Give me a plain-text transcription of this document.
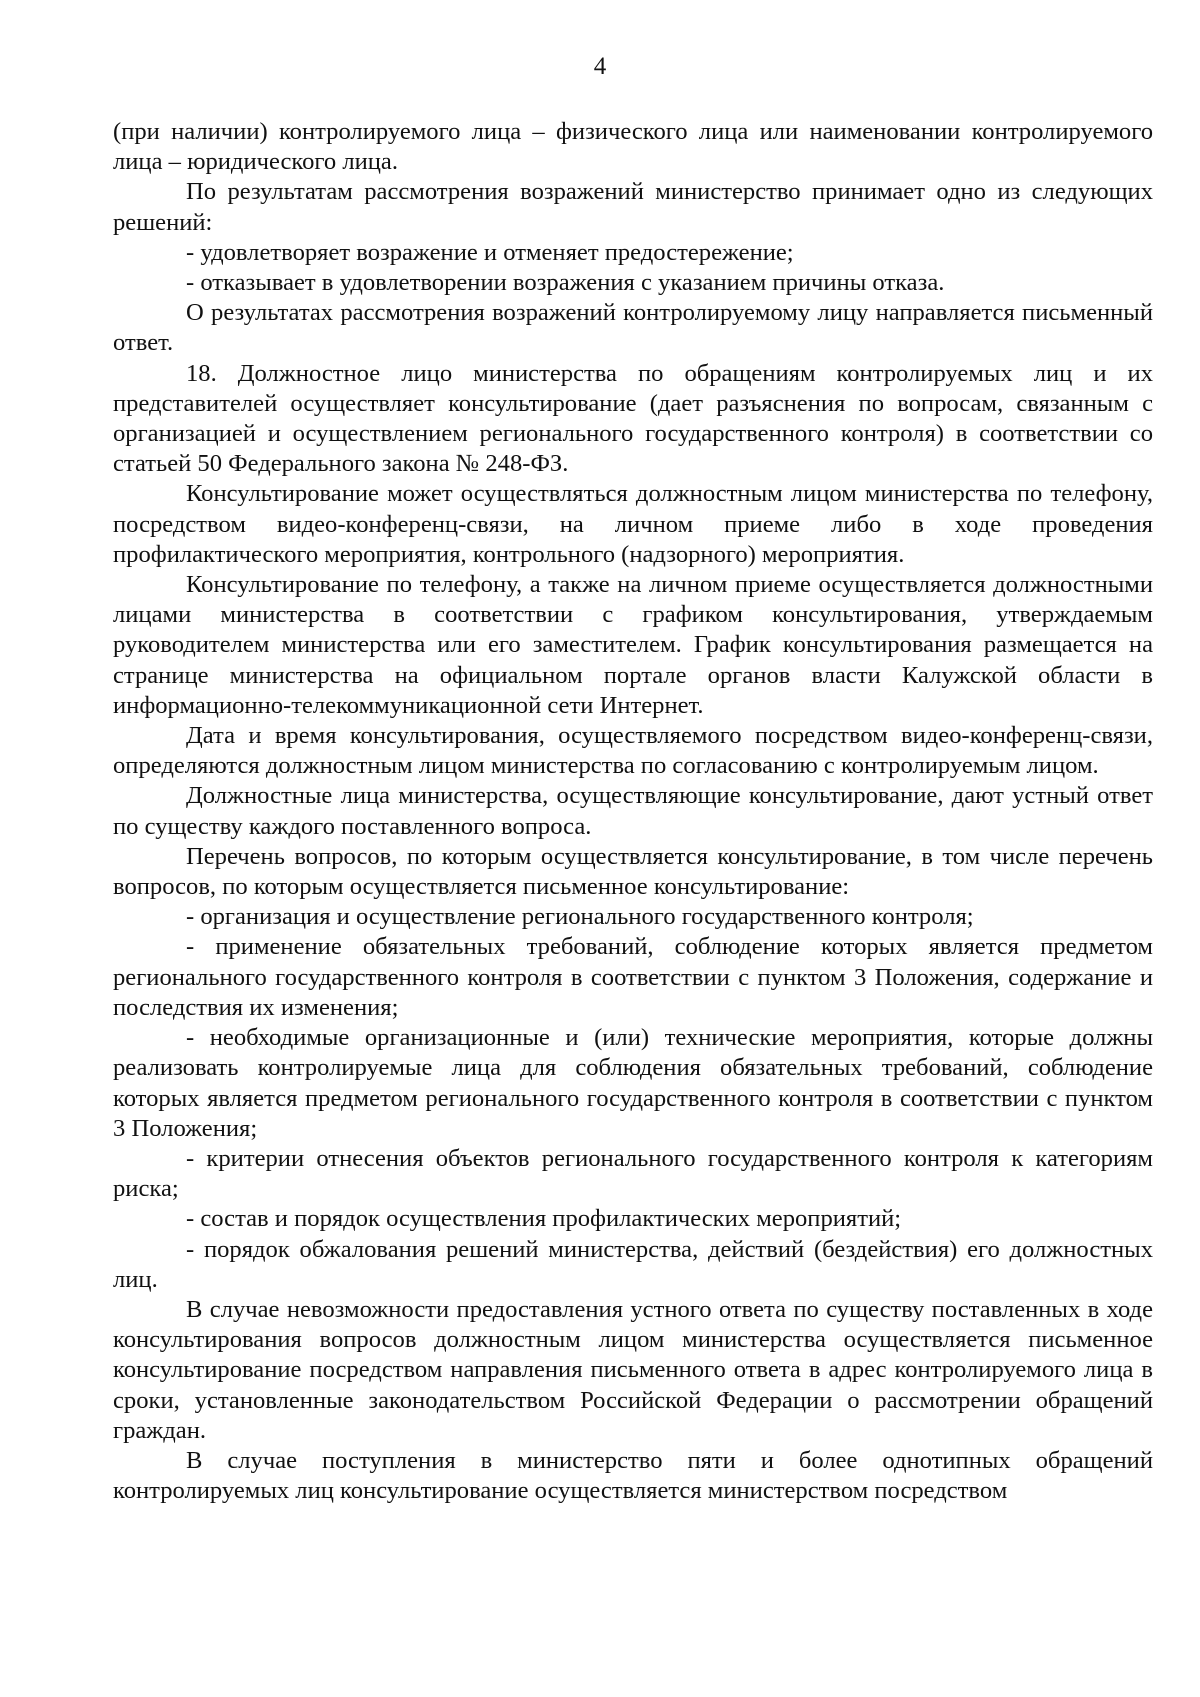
4

(при наличии) контролируемого лица – физического лица или наименовании контролируемого лица – юридического лица.

По результатам рассмотрения возражений министерство принимает одно из следующих решений:

- удовлетворяет возражение и отменяет предостережение;

- отказывает в удовлетворении возражения с указанием причины отказа.

О результатах рассмотрения возражений контролируемому лицу направляется письменный ответ.

18. Должностное лицо министерства по обращениям контролируемых лиц и их представителей осуществляет консультирование (дает разъяснения по вопросам, связанным с организацией и осуществлением регионального государственного контроля) в соответствии со статьей 50 Федерального закона № 248-ФЗ.

Консультирование может осуществляться должностным лицом министерства по телефону, посредством видео-конференц-связи, на личном приеме либо в ходе проведения профилактического мероприятия, контрольного (надзорного) мероприятия.

Консультирование по телефону, а также на личном приеме осуществляется должностными лицами министерства в соответствии с графиком консультирования, утверждаемым руководителем министерства или его заместителем. График консультирования размещается на странице министерства на официальном портале органов власти Калужской области в информационно-телекоммуникационной сети Интернет.

Дата и время консультирования, осуществляемого посредством видео-конференц-связи, определяются должностным лицом министерства по согласованию с контролируемым лицом.

Должностные лица министерства, осуществляющие консультирование, дают устный ответ по существу каждого поставленного вопроса.

Перечень вопросов, по которым осуществляется консультирование, в том числе перечень вопросов, по которым осуществляется письменное консультирование:

- организация и осуществление регионального государственного контроля;

- применение обязательных требований, соблюдение которых является предметом регионального государственного контроля в соответствии с пунктом 3 Положения, содержание и последствия их изменения;

- необходимые организационные и (или) технические мероприятия, которые должны реализовать контролируемые лица для соблюдения обязательных требований, соблюдение которых является предметом регионального государственного контроля в соответствии с пунктом 3 Положения;

- критерии отнесения объектов регионального государственного контроля к категориям риска;

- состав и порядок осуществления профилактических мероприятий;

- порядок обжалования решений министерства, действий (бездействия) его должностных лиц.

В случае невозможности предоставления устного ответа по существу поставленных в ходе консультирования вопросов должностным лицом министерства осуществляется письменное консультирование посредством направления письменного ответа в адрес контролируемого лица в сроки, установленные законодательством Российской Федерации о рассмотрении обращений граждан.

В случае поступления в министерство пяти и более однотипных обращений контролируемых лиц консультирование осуществляется министерством посредством
